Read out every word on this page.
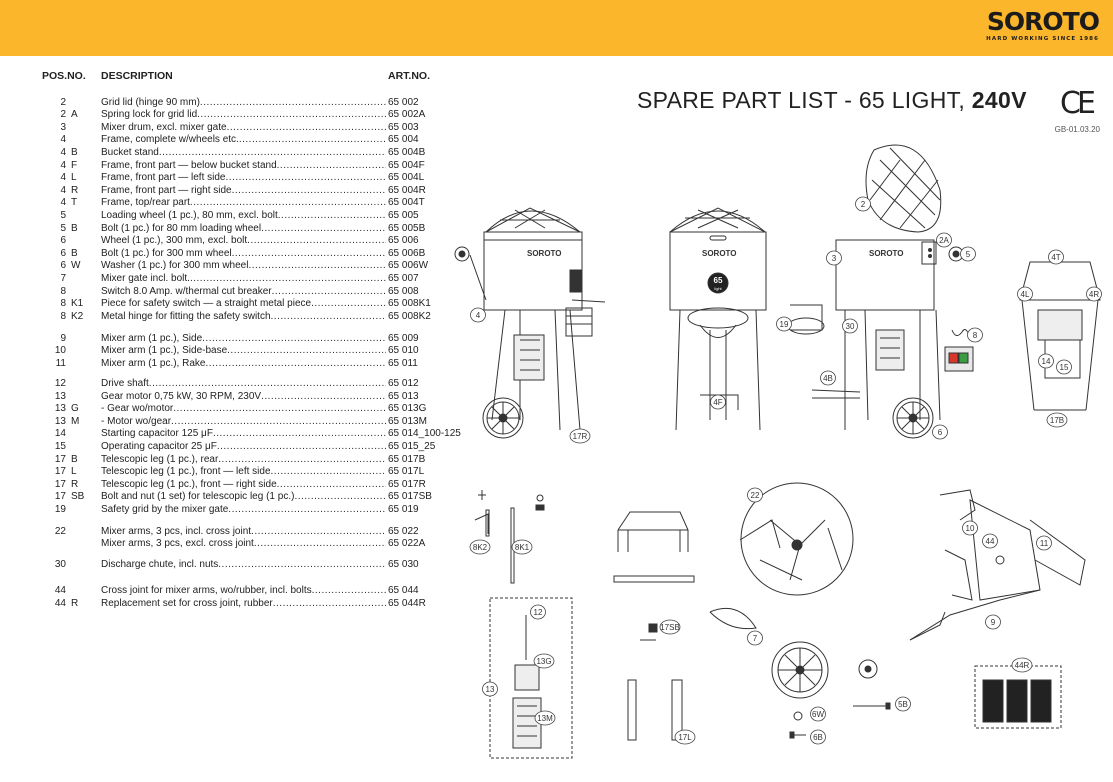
SOROTO
HARD WORKING SINCE 1986
POS.NO. DESCRIPTION	ART.NO.
2	Grid lid (hinge 90 mm) .....	65 002
2 A	Spring lock for grid lid .....	65 002A
3	Mixer drum, excl. mixer gate .....	65 003
4	Frame, complete w/wheels etc. .....	65 004
4 B	Bucket stand .....	65 004B
4 F	Frame, front part — below bucket stand .....	65 004F
4 L	Frame, front part — left side .....	65 004L
4 R	Frame, front part — right side .....	65 004R
4 T	Frame, top/rear part .....	65 004T
5	Loading wheel (1 pc.), 80 mm, excl. bolt .....	65 005
5 B	Bolt (1 pc.) for 80 mm loading wheel .....	65 005B
6	Wheel (1 pc.), 300 mm, excl. bolt .....	65 006
6 B	Bolt (1 pc.) for 300 mm wheel .....	65 006B
6 W	Washer (1 pc.) for 300 mm wheel .....	65 006W
7	Mixer gate incl. bolt. .....	65 007
8	Switch 8.0 Amp. w/thermal cut breaker .....	65 008
8 K1	Piece for safety switch — a straight metal piece .....	65 008K1
8 K2	Metal hinge for fitting the safety switch .....	65 008K2
9	Mixer arm (1 pc.), Side .....	65 009
10	Mixer arm (1 pc.), Side-base .....	65 010
11	Mixer arm (1 pc.), Rake .....	65 011
12	Drive shaft .....	65 012
13	Gear motor 0,75 kW, 30 RPM, 230V .....	65 013
13 G	- Gear wo/motor .....	65 013G
13 M	- Motor wo/gear .....	65 013M
14	Starting capacitor 125 μF .....	65 014_100-125
15	Operating capacitor 25 μF .....	65 015_25
17 B	Telescopic leg (1 pc.), rear .....	65 017B
17 L	Telescopic leg (1 pc.), front — left side .....	65 017L
17 R	Telescopic leg (1 pc.), front — right side .....	65 017R
17 SB	Bolt and nut (1 set) for telescopic leg (1 pc.) .....	65 017SB
19	Safety grid by the mixer gate .....	65 019
22	Mixer arms, 3 pcs, incl. cross joint .....	65 022
Mixer arms, 3 pcs, excl. cross joint .....	65 022A
30	Discharge chute, incl. nuts .....	65 030
44	Cross joint for mixer arms, wo/rubber, incl. bolts .....	65 044
44 R	Replacement set for cross joint, rubber .....	65 044R
SPARE PART LIST - 65 LIGHT, 240V CE
GB-01.03.20
SOROTO	SOROTO
65
light
SOROTO
2
2A
3
4
4B
4F
4L	4R
4T
5
5B
6
6B
6W
7
8
8K1
8K2
9
10
11
12
13
13G
13M
14
15
17B
17L
17R
17SB
19
22
30
44
44R
